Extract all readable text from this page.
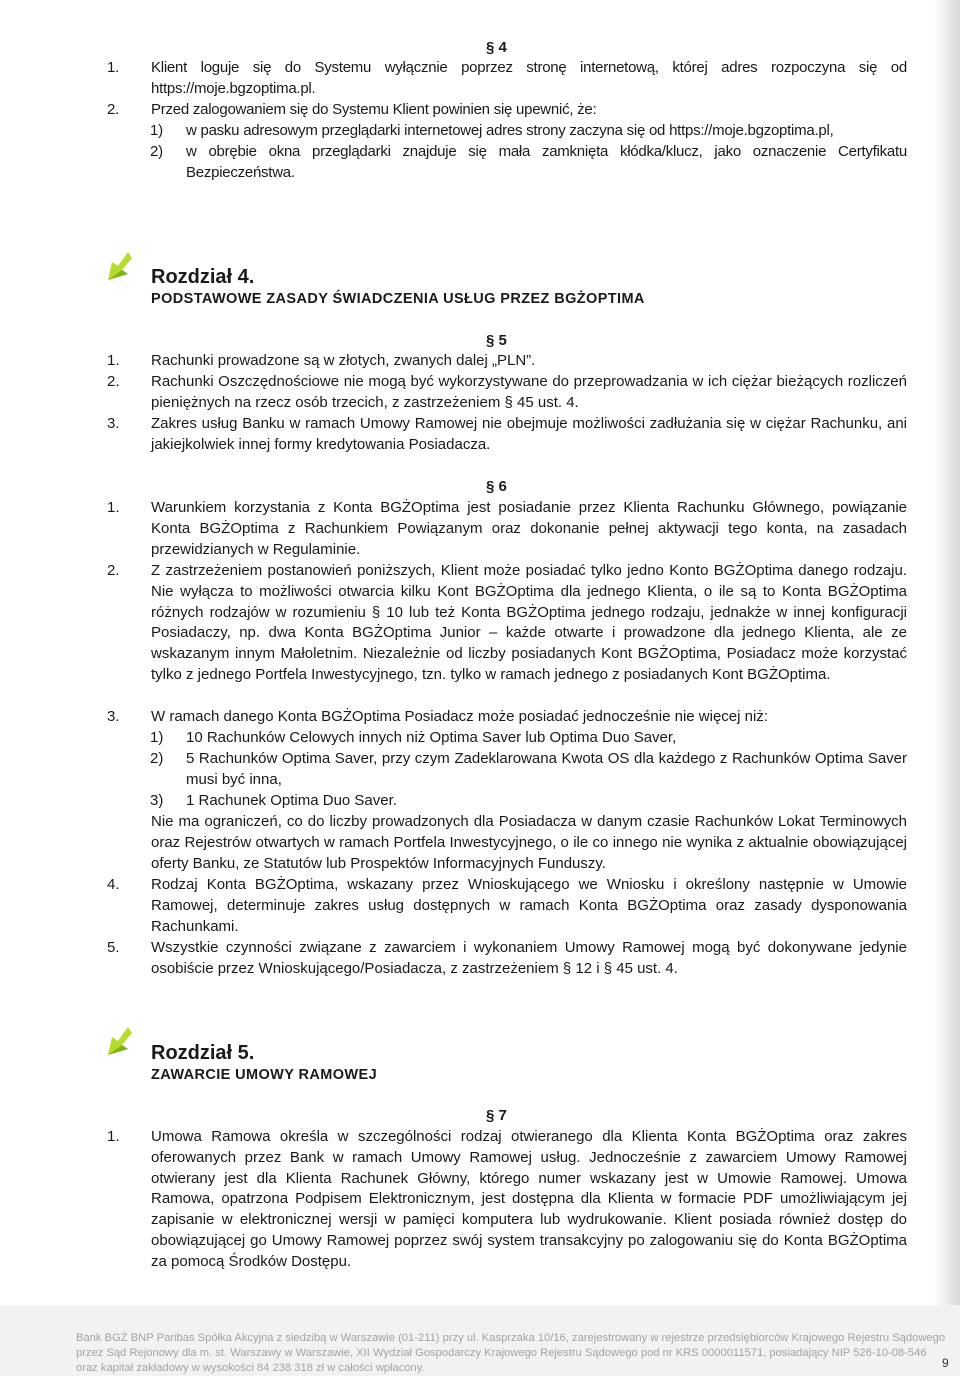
§ 4
1. Klient loguje się do Systemu wyłącznie poprzez stronę internetową, której adres rozpoczyna się od https://moje.bgzoptima.pl.
2. Przed zalogowaniem się do Systemu Klient powinien się upewnić, że:
1) w pasku adresowym przeglądarki internetowej adres strony zaczyna się od https://moje.bgzoptima.pl,
2) w obrębie okna przeglądarki znajduje się mała zamknięta kłódka/klucz, jako oznaczenie Certyfikatu Bezpieczeństwa.
Rozdział 4.
PODSTAWOWE ZASADY ŚWIADCZENIA USŁUG PRZEZ BGŻOPTIMA
§ 5
1. Rachunki prowadzone są w złotych, zwanych dalej „PLN”.
2. Rachunki Oszczędnościowe nie mogą być wykorzystywane do przeprowadzania w ich ciężar bieżących rozliczeń pieniężnych na rzecz osób trzecich, z zastrzeżeniem § 45 ust. 4.
3. Zakres usług Banku w ramach Umowy Ramowej nie obejmuje możliwości zadłużania się w ciężar Rachunku, ani jakiejkolwiek innej formy kredytowania Posiadacza.
§ 6
1. Warunkiem korzystania z Konta BGŻOptima jest posiadanie przez Klienta Rachunku Głównego, powiązanie Konta BGŻOptima z Rachunkiem Powiązanym oraz dokonanie pełnej aktywacji tego konta, na zasadach przewidzianych w Regulaminie.
2. Z zastrzeżeniem postanowień poniższych, Klient może posiadać tylko jedno Konto BGŻOptima danego rodzaju. Nie wyłącza to możliwości otwarcia kilku Kont BGŻOptima dla jednego Klienta, o ile są to Konta BGŻOptima różnych rodzajów w rozumieniu § 10 lub też Konta BGŻOptima jednego rodzaju, jednakże w innej konfiguracji Posiadaczy, np. dwa Konta BGŻOptima Junior – każde otwarte i prowadzone dla jednego Klienta, ale ze wskazanym innym Małoletnim. Niezależnie od liczby posiadanych Kont BGŻOptima, Posiadacz może korzystać tylko z jednego Portfela Inwestycyjnego, tzn. tylko w ramach jednego z posiadanych Kont BGŻOptima.
3. W ramach danego Konta BGŻOptima Posiadacz może posiadać jednocześnie nie więcej niż:
1) 10 Rachunków Celowych innych niż Optima Saver lub Optima Duo Saver,
2) 5 Rachunków Optima Saver, przy czym Zadeklarowana Kwota OS dla każdego z Rachunków Optima Saver musi być inna,
3) 1 Rachunek Optima Duo Saver.
Nie ma ograniczeń, co do liczby prowadzonych dla Posiadacza w danym czasie Rachunków Lokat Terminowych oraz Rejestrów otwartych w ramach Portfela Inwestycyjnego, o ile co innego nie wynika z aktualnie obowiązującej oferty Banku, ze Statutów lub Prospektów Informacyjnych Funduszy.
4. Rodzaj Konta BGŻOptima, wskazany przez Wnioskującego we Wniosku i określony następnie w Umowie Ramowej, determinuje zakres usług dostępnych w ramach Konta BGŻOptima oraz zasady dysponowania Rachunkami.
5. Wszystkie czynności związane z zawarciem i wykonaniem Umowy Ramowej mogą być dokonywane jedynie osobiście przez Wnioskującego/Posiadacza, z zastrzeżeniem § 12 i § 45 ust. 4.
Rozdział 5.
ZAWARCIE UMOWY RAMOWEJ
§ 7
1. Umowa Ramowa określa w szczególności rodzaj otwieranego dla Klienta Konta BGŻOptima oraz zakres oferowanych przez Bank w ramach Umowy Ramowej usług. Jednocześnie z zawarciem Umowy Ramowej otwierany jest dla Klienta Rachunek Główny, którego numer wskazany jest w Umowie Ramowej. Umowa Ramowa, opatrzona Podpisem Elektronicznym, jest dostępna dla Klienta w formacie PDF umożliwiającym jej zapisanie w elektronicznej wersji w pamięci komputera lub wydrukowanie. Klient posiada również dostęp do obowiązującej go Umowy Ramowej poprzez swój system transakcyjny po zalogowaniu się do Konta BGŻOptima za pomocą Środków Dostępu.
Bank BGŻ BNP Paribas Spółka Akcyjna z siedzibą w Warszawie (01-211) przy ul. Kasprzaka 10/16, zarejestrowany w rejestrze przedsiębiorców Krajowego Rejestru Sądowego
przez Sąd Rejonowy dla m. st. Warszawy w Warszawie, XII Wydział Gospodarczy Krajowego Rejestru Sądowego pod nr KRS 0000011571, posiadający NIP 526-10-08-546
oraz kapitał zakładowy w wysokości 84 238 318 zł w całości wpłacony.	9
